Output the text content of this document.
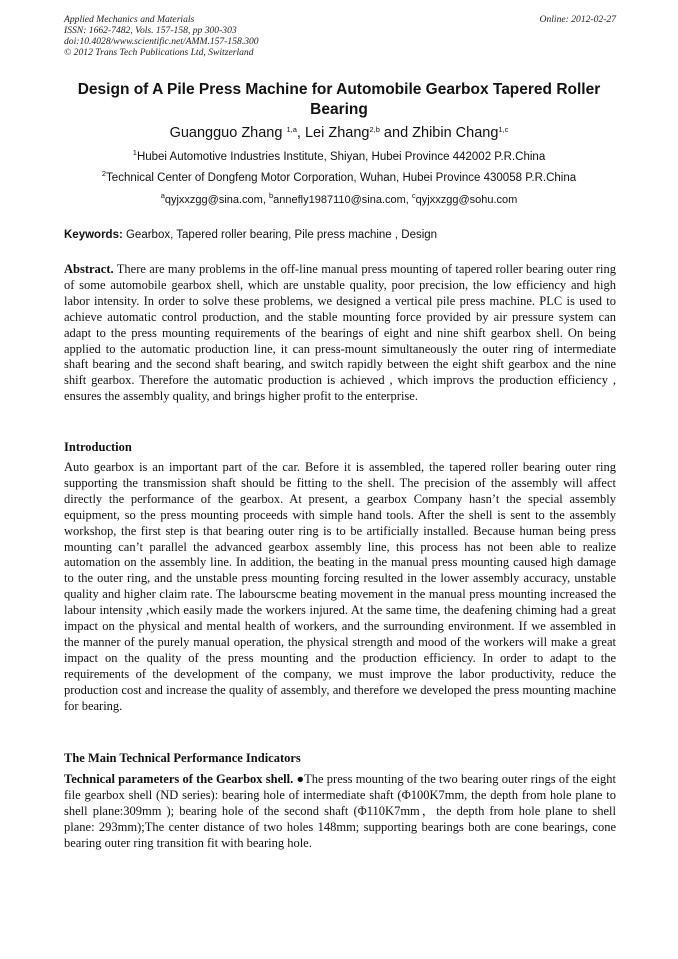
Applied Mechanics and Materials
ISSN: 1662-7482, Vols. 157-158, pp 300-303
doi:10.4028/www.scientific.net/AMM.157-158.300
© 2012 Trans Tech Publications Ltd, Switzerland
Online: 2012-02-27
Design of A Pile Press Machine for Automobile Gearbox Tapered Roller Bearing
Guangguo Zhang $^{1,a}$, Lei Zhang$^{2,b}$ and Zhibin Chang$^{1,c}$
$^1$Hubei Automotive Industries Institute, Shiyan, Hubei Province 442002 P.R.China
$^2$Technical Center of Dongfeng Motor Corporation, Wuhan, Hubei Province 430058 P.R.China
$^a$qyjxxzgg@sina.com, $^b$annefly1987110@sina.com, $^c$qyjxxzgg@sohu.com
Keywords: Gearbox, Tapered roller bearing, Pile press machine , Design
Abstract. There are many problems in the off-line manual press mounting of tapered roller bearing outer ring of some automobile gearbox shell, which are unstable quality, poor precision, the low efficiency and high labor intensity. In order to solve these problems, we designed a vertical pile press machine. PLC is used to achieve automatic control production, and the stable mounting force provided by air pressure system can adapt to the press mounting requirements of the bearings of eight and nine shift gearbox shell. On being applied to the automatic production line, it can press-mount simultaneously the outer ring of intermediate shaft bearing and the second shaft bearing, and switch rapidly between the eight shift gearbox and the nine shift gearbox. Therefore the automatic production is achieved , which improvs the production efficiency , ensures the assembly quality, and brings higher profit to the enterprise.
Introduction
Auto gearbox is an important part of the car. Before it is assembled, the tapered roller bearing outer ring supporting the transmission shaft should be fitting to the shell. The precision of the assembly will affect directly the performance of the gearbox. At present, a gearbox Company hasn’t the special assembly equipment, so the press mounting proceeds with simple hand tools. After the shell is sent to the assembly workshop, the first step is that bearing outer ring is to be artificially installed. Because human being press mounting can’t parallel the advanced gearbox assembly line, this process has not been able to realize automation on the assembly line. In addition, the beating in the manual press mounting caused high damage to the outer ring, and the unstable press mounting forcing resulted in the lower assembly accuracy, unstable quality and higher claim rate. The labourscme beating movement in the manual press mounting increased the labour intensity ,which easily made the workers injured. At the same time, the deafening chiming had a great impact on the physical and mental health of workers, and the surrounding environment. If we assembled in the manner of the purely manual operation, the physical strength and mood of the workers will make a great impact on the quality of the press mounting and the production efficiency. In order to adapt to the requirements of the development of the company, we must improve the labor productivity, reduce the production cost and increase the quality of assembly, and therefore we developed the press mounting machine for bearing.
The Main Technical Performance Indicators
Technical parameters of the Gearbox shell. ●The press mounting of the two bearing outer rings of the eight file gearbox shell (ND series): bearing hole of intermediate shaft (Φ100K7mm, the depth from hole plane to shell plane:309mm ); bearing hole of the second shaft (Φ110K7mm，the depth from hole plane to shell plane: 293mm);The center distance of two holes 148mm; supporting bearings both are cone bearings, cone bearing outer ring transition fit with bearing hole.
